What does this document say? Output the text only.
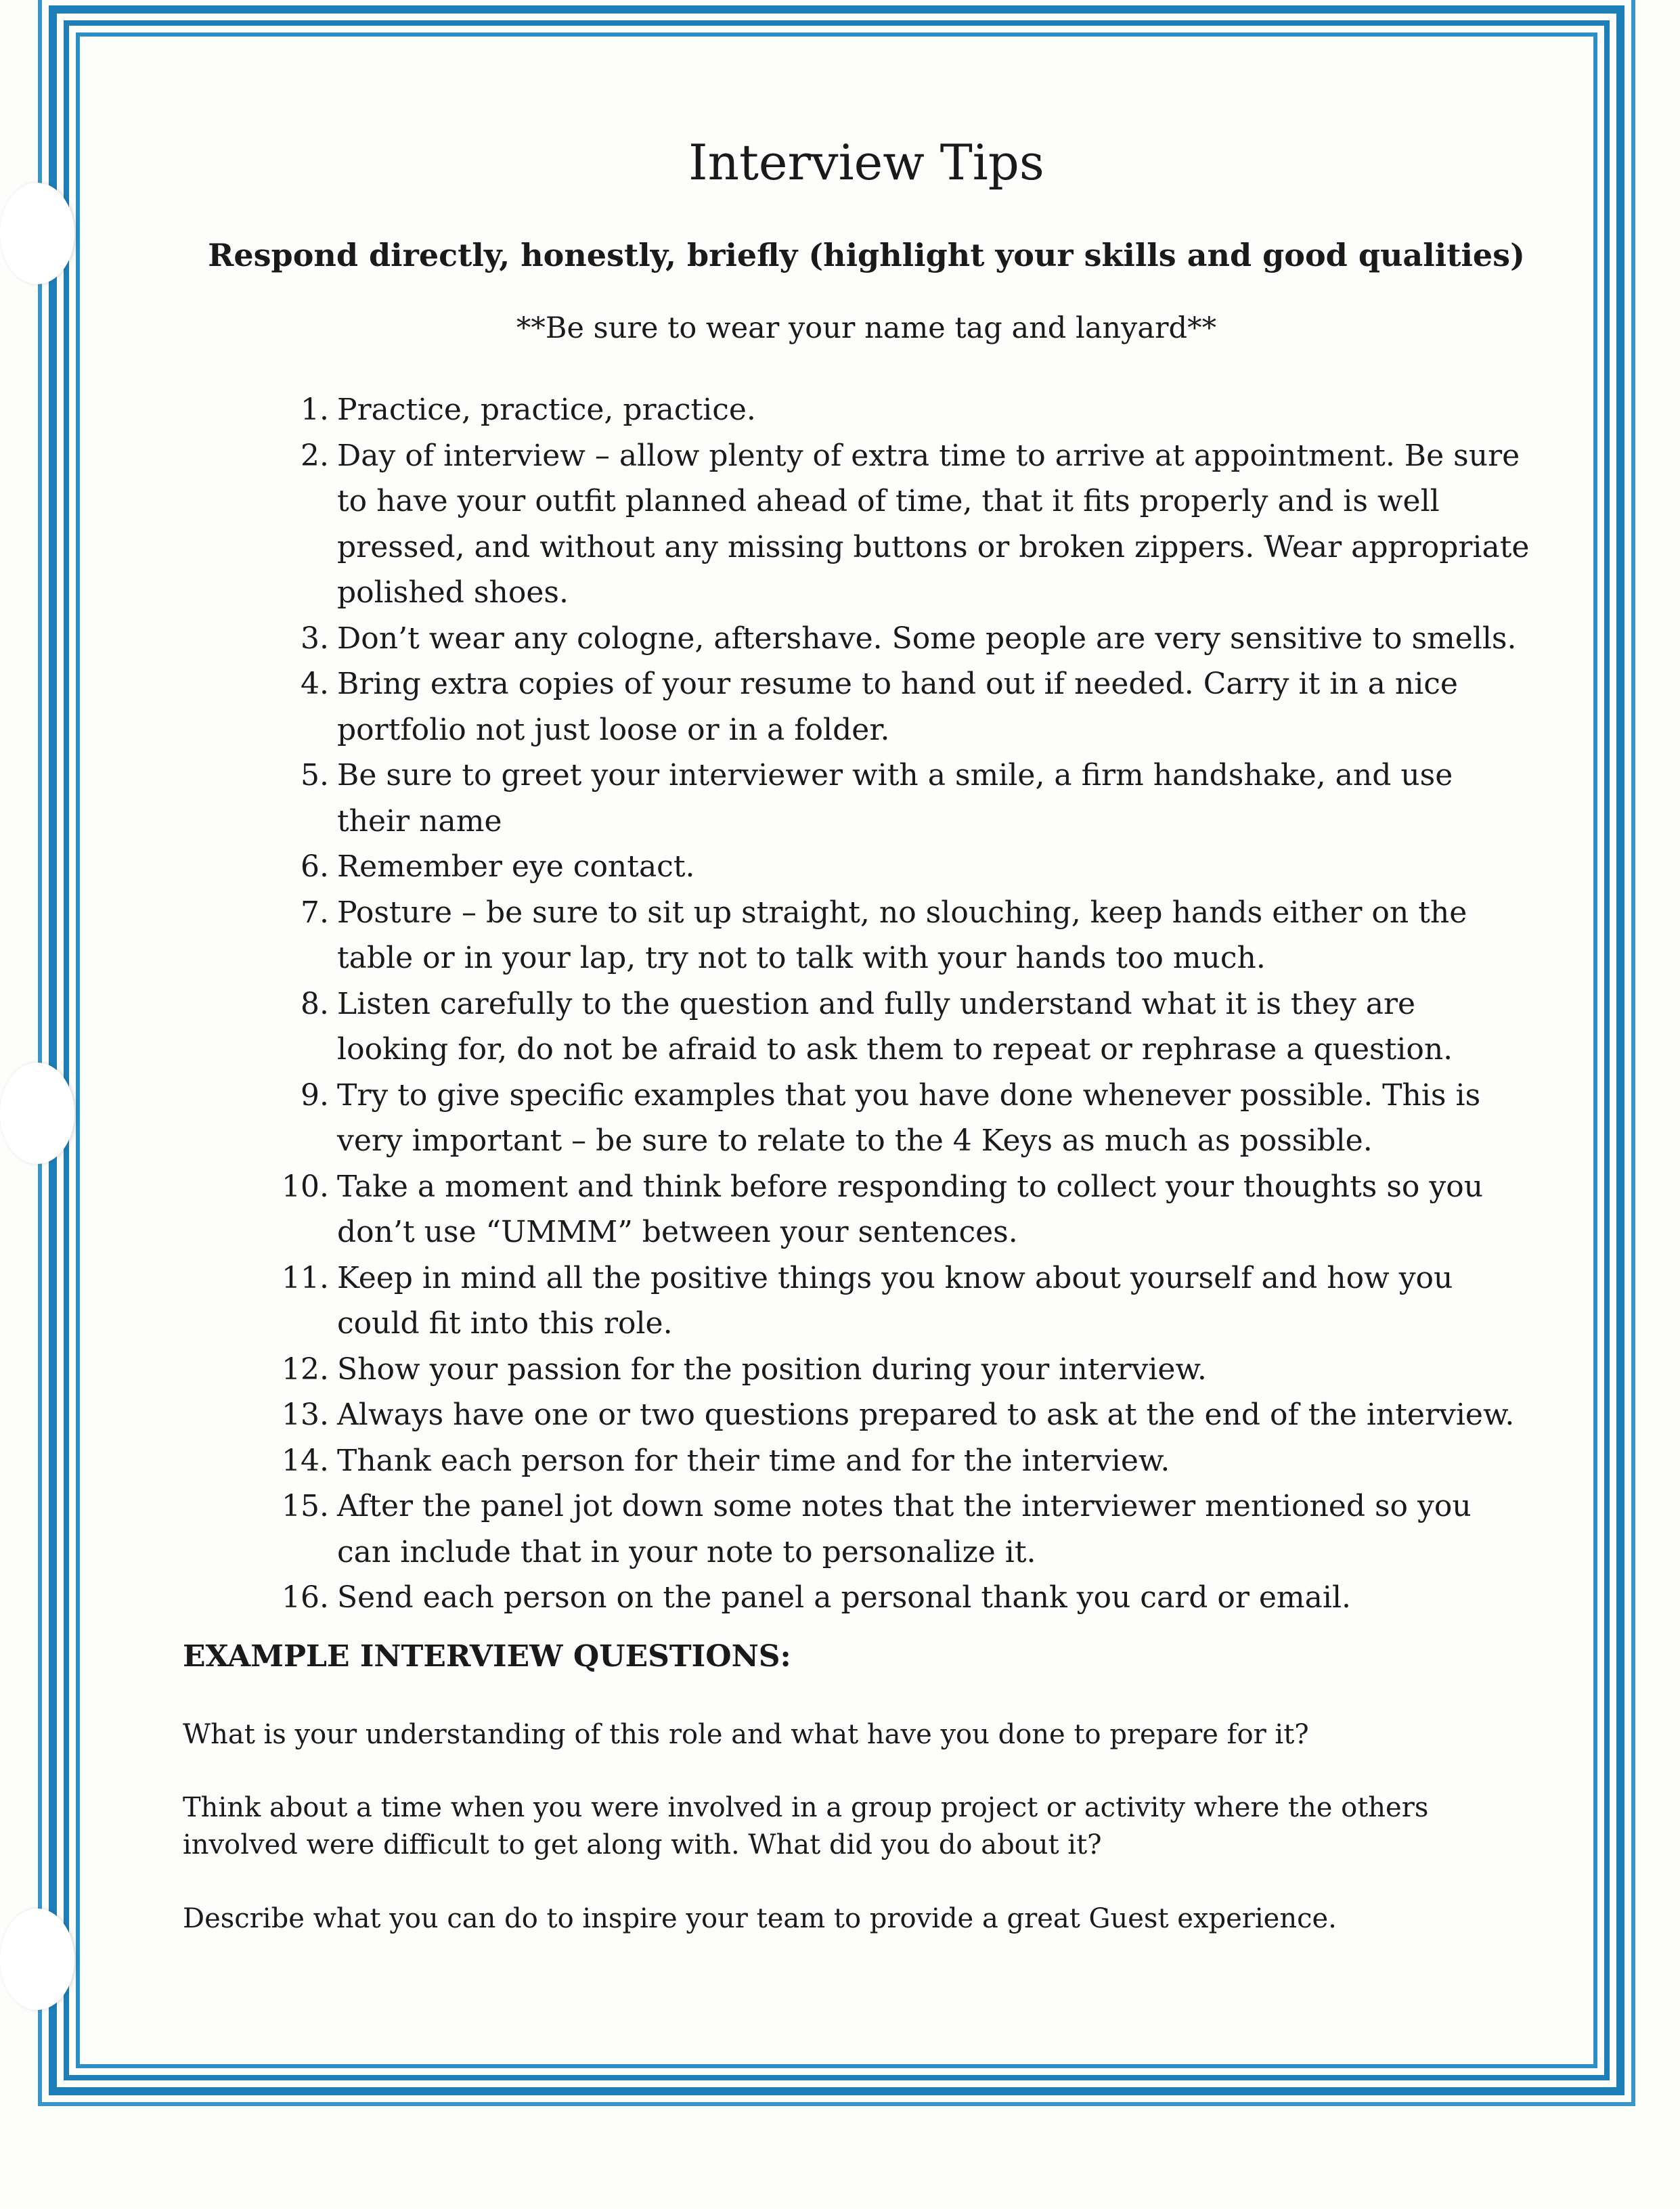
Interview Tips

Respond directly, honestly, briefly (highlight your skills and good qualities)

**Be sure to wear your name tag and lanyard**

1. Practice, practice, practice.
2. Day of interview – allow plenty of extra time to arrive at appointment. Be sure to have your outfit planned ahead of time, that it fits properly and is well pressed, and without any missing buttons or broken zippers. Wear appropriate polished shoes.
3. Don’t wear any cologne, aftershave. Some people are very sensitive to smells.
4. Bring extra copies of your resume to hand out if needed. Carry it in a nice portfolio not just loose or in a folder.
5. Be sure to greet your interviewer with a smile, a firm handshake, and use their name
6. Remember eye contact.
7. Posture – be sure to sit up straight, no slouching, keep hands either on the table or in your lap, try not to talk with your hands too much.
8. Listen carefully to the question and fully understand what it is they are looking for, do not be afraid to ask them to repeat or rephrase a question.
9. Try to give specific examples that you have done whenever possible. This is very important – be sure to relate to the 4 Keys as much as possible.
10. Take a moment and think before responding to collect your thoughts so you don’t use “UMMM” between your sentences.
11. Keep in mind all the positive things you know about yourself and how you could fit into this role.
12. Show your passion for the position during your interview.
13. Always have one or two questions prepared to ask at the end of the interview.
14. Thank each person for their time and for the interview.
15. After the panel jot down some notes that the interviewer mentioned so you can include that in your note to personalize it.
16. Send each person on the panel a personal thank you card or email.
EXAMPLE INTERVIEW QUESTIONS:

What is your understanding of this role and what have you done to prepare for it?

Think about a time when you were involved in a group project or activity where the others involved were difficult to get along with. What did you do about it?

Describe what you can do to inspire your team to provide a great Guest experience.
